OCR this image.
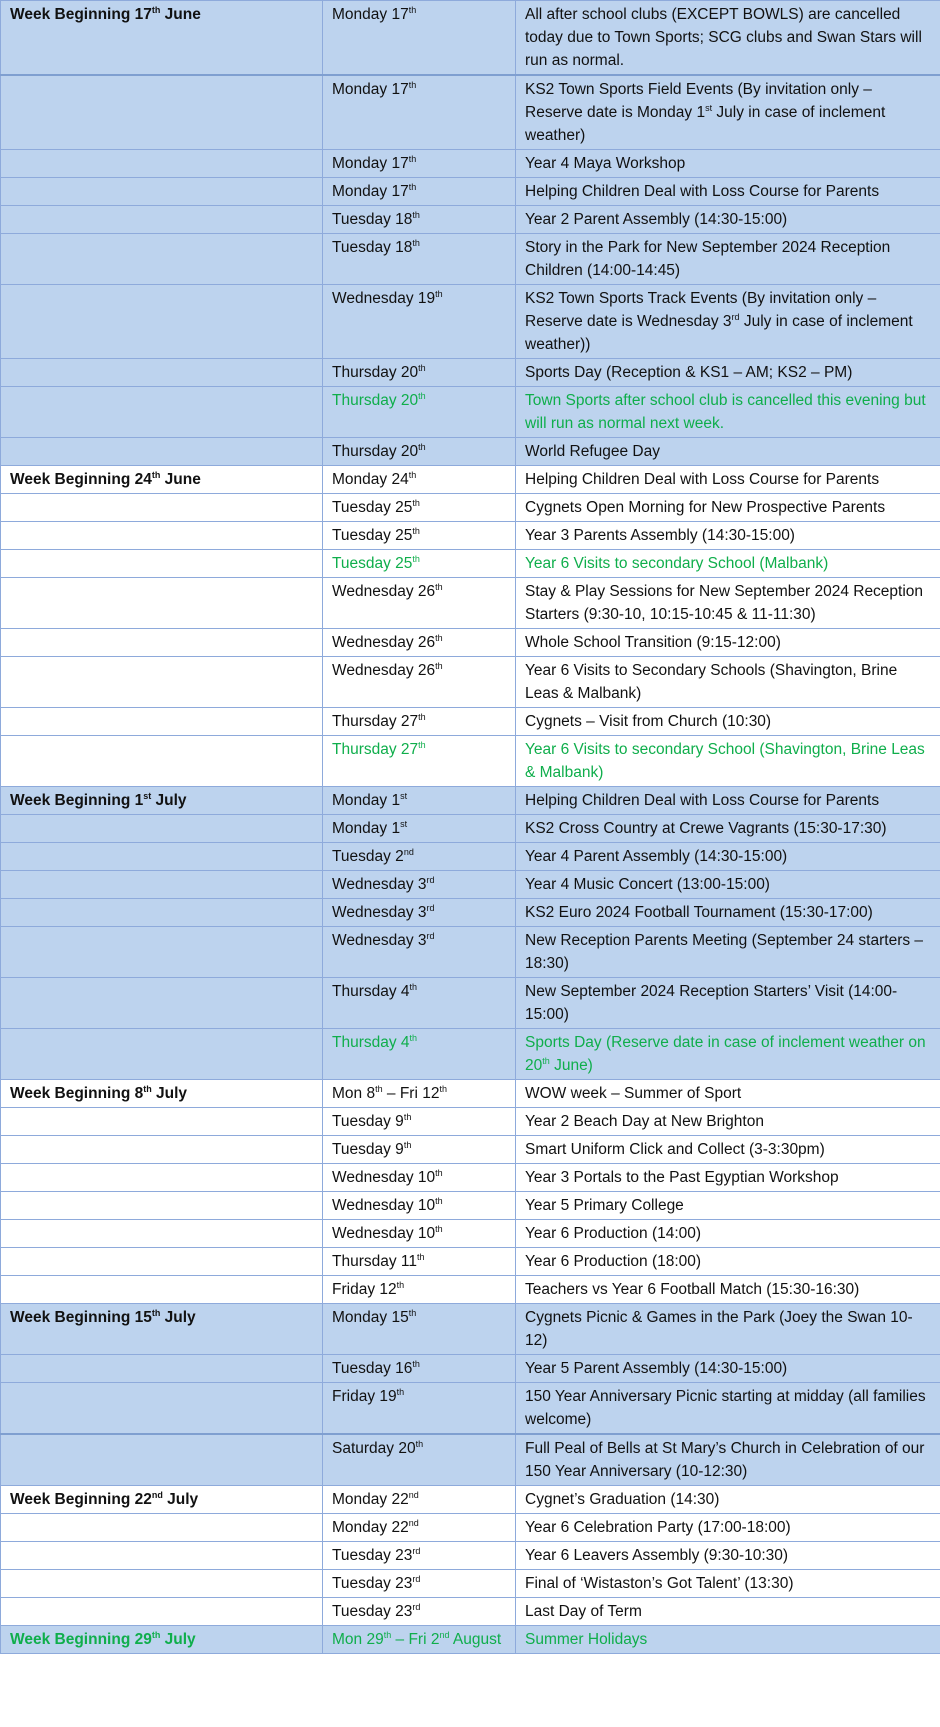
Week Beginning 17th June	Monday 17th	All after school clubs (EXCEPT BOWLS) are cancelled today due to Town Sports; SCG clubs and Swan Stars will run as normal.
	Monday 17th	KS2 Town Sports Field Events (By invitation only – Reserve date is Monday 1st July in case of inclement weather)
	Monday 17th	Year 4 Maya Workshop
	Monday 17th	Helping Children Deal with Loss Course for Parents
	Tuesday 18th	Year 2 Parent Assembly (14:30-15:00)
	Tuesday 18th	Story in the Park for New September 2024 Reception Children (14:00-14:45)
	Wednesday 19th	KS2 Town Sports Track Events (By invitation only – Reserve date is Wednesday 3rd July in case of inclement weather))
	Thursday 20th	Sports Day (Reception & KS1 – AM; KS2 – PM)
	Thursday 20th	Town Sports after school club is cancelled this evening but will run as normal next week.
	Thursday 20th	World Refugee Day
Week Beginning 24th June	Monday 24th	Helping Children Deal with Loss Course for Parents
	Tuesday 25th	Cygnets Open Morning for New Prospective Parents
	Tuesday 25th	Year 3 Parents Assembly (14:30-15:00)
	Tuesday 25th	Year 6 Visits to secondary School (Malbank)
	Wednesday 26th	Stay & Play Sessions for New September 2024 Reception Starters (9:30-10, 10:15-10:45 & 11-11:30)
	Wednesday 26th	Whole School Transition (9:15-12:00)
	Wednesday 26th	Year 6 Visits to Secondary Schools (Shavington, Brine Leas & Malbank)
	Thursday 27th	Cygnets – Visit from Church (10:30)
	Thursday 27th	Year 6 Visits to secondary School (Shavington, Brine Leas & Malbank)
Week Beginning 1st July	Monday 1st	Helping Children Deal with Loss Course for Parents
	Monday 1st	KS2 Cross Country at Crewe Vagrants (15:30-17:30)
	Tuesday 2nd	Year 4 Parent Assembly (14:30-15:00)
	Wednesday 3rd	Year 4 Music Concert (13:00-15:00)
	Wednesday 3rd	KS2 Euro 2024 Football Tournament (15:30-17:00)
	Wednesday 3rd	New Reception Parents Meeting (September 24 starters – 18:30)
	Thursday 4th	New September 2024 Reception Starters’ Visit (14:00-15:00)
	Thursday 4th	Sports Day (Reserve date in case of inclement weather on 20th June)
Week Beginning 8th July	Mon 8th – Fri 12th	WOW week – Summer of Sport
	Tuesday 9th	Year 2 Beach Day at New Brighton
	Tuesday 9th	Smart Uniform Click and Collect (3-3:30pm)
	Wednesday 10th	Year 3 Portals to the Past Egyptian Workshop
	Wednesday 10th	Year 5 Primary College
	Wednesday 10th	Year 6 Production (14:00)
	Thursday 11th	Year 6 Production (18:00)
	Friday 12th	Teachers vs Year 6 Football Match (15:30-16:30)
Week Beginning 15th July	Monday 15th	Cygnets Picnic & Games in the Park (Joey the Swan 10-12)
	Tuesday 16th	Year 5 Parent Assembly (14:30-15:00)
	Friday 19th	150 Year Anniversary Picnic starting at midday (all families welcome)
	Saturday 20th	Full Peal of Bells at St Mary’s Church in Celebration of our 150 Year Anniversary (10-12:30)
Week Beginning 22nd July	Monday 22nd	Cygnet’s Graduation (14:30)
	Monday 22nd	Year 6 Celebration Party (17:00-18:00)
	Tuesday 23rd	Year 6 Leavers Assembly (9:30-10:30)
	Tuesday 23rd	Final of ‘Wistaston’s Got Talent’ (13:30)
	Tuesday 23rd	Last Day of Term
Week Beginning 29th July	Mon 29th – Fri 2nd August	Summer Holidays
